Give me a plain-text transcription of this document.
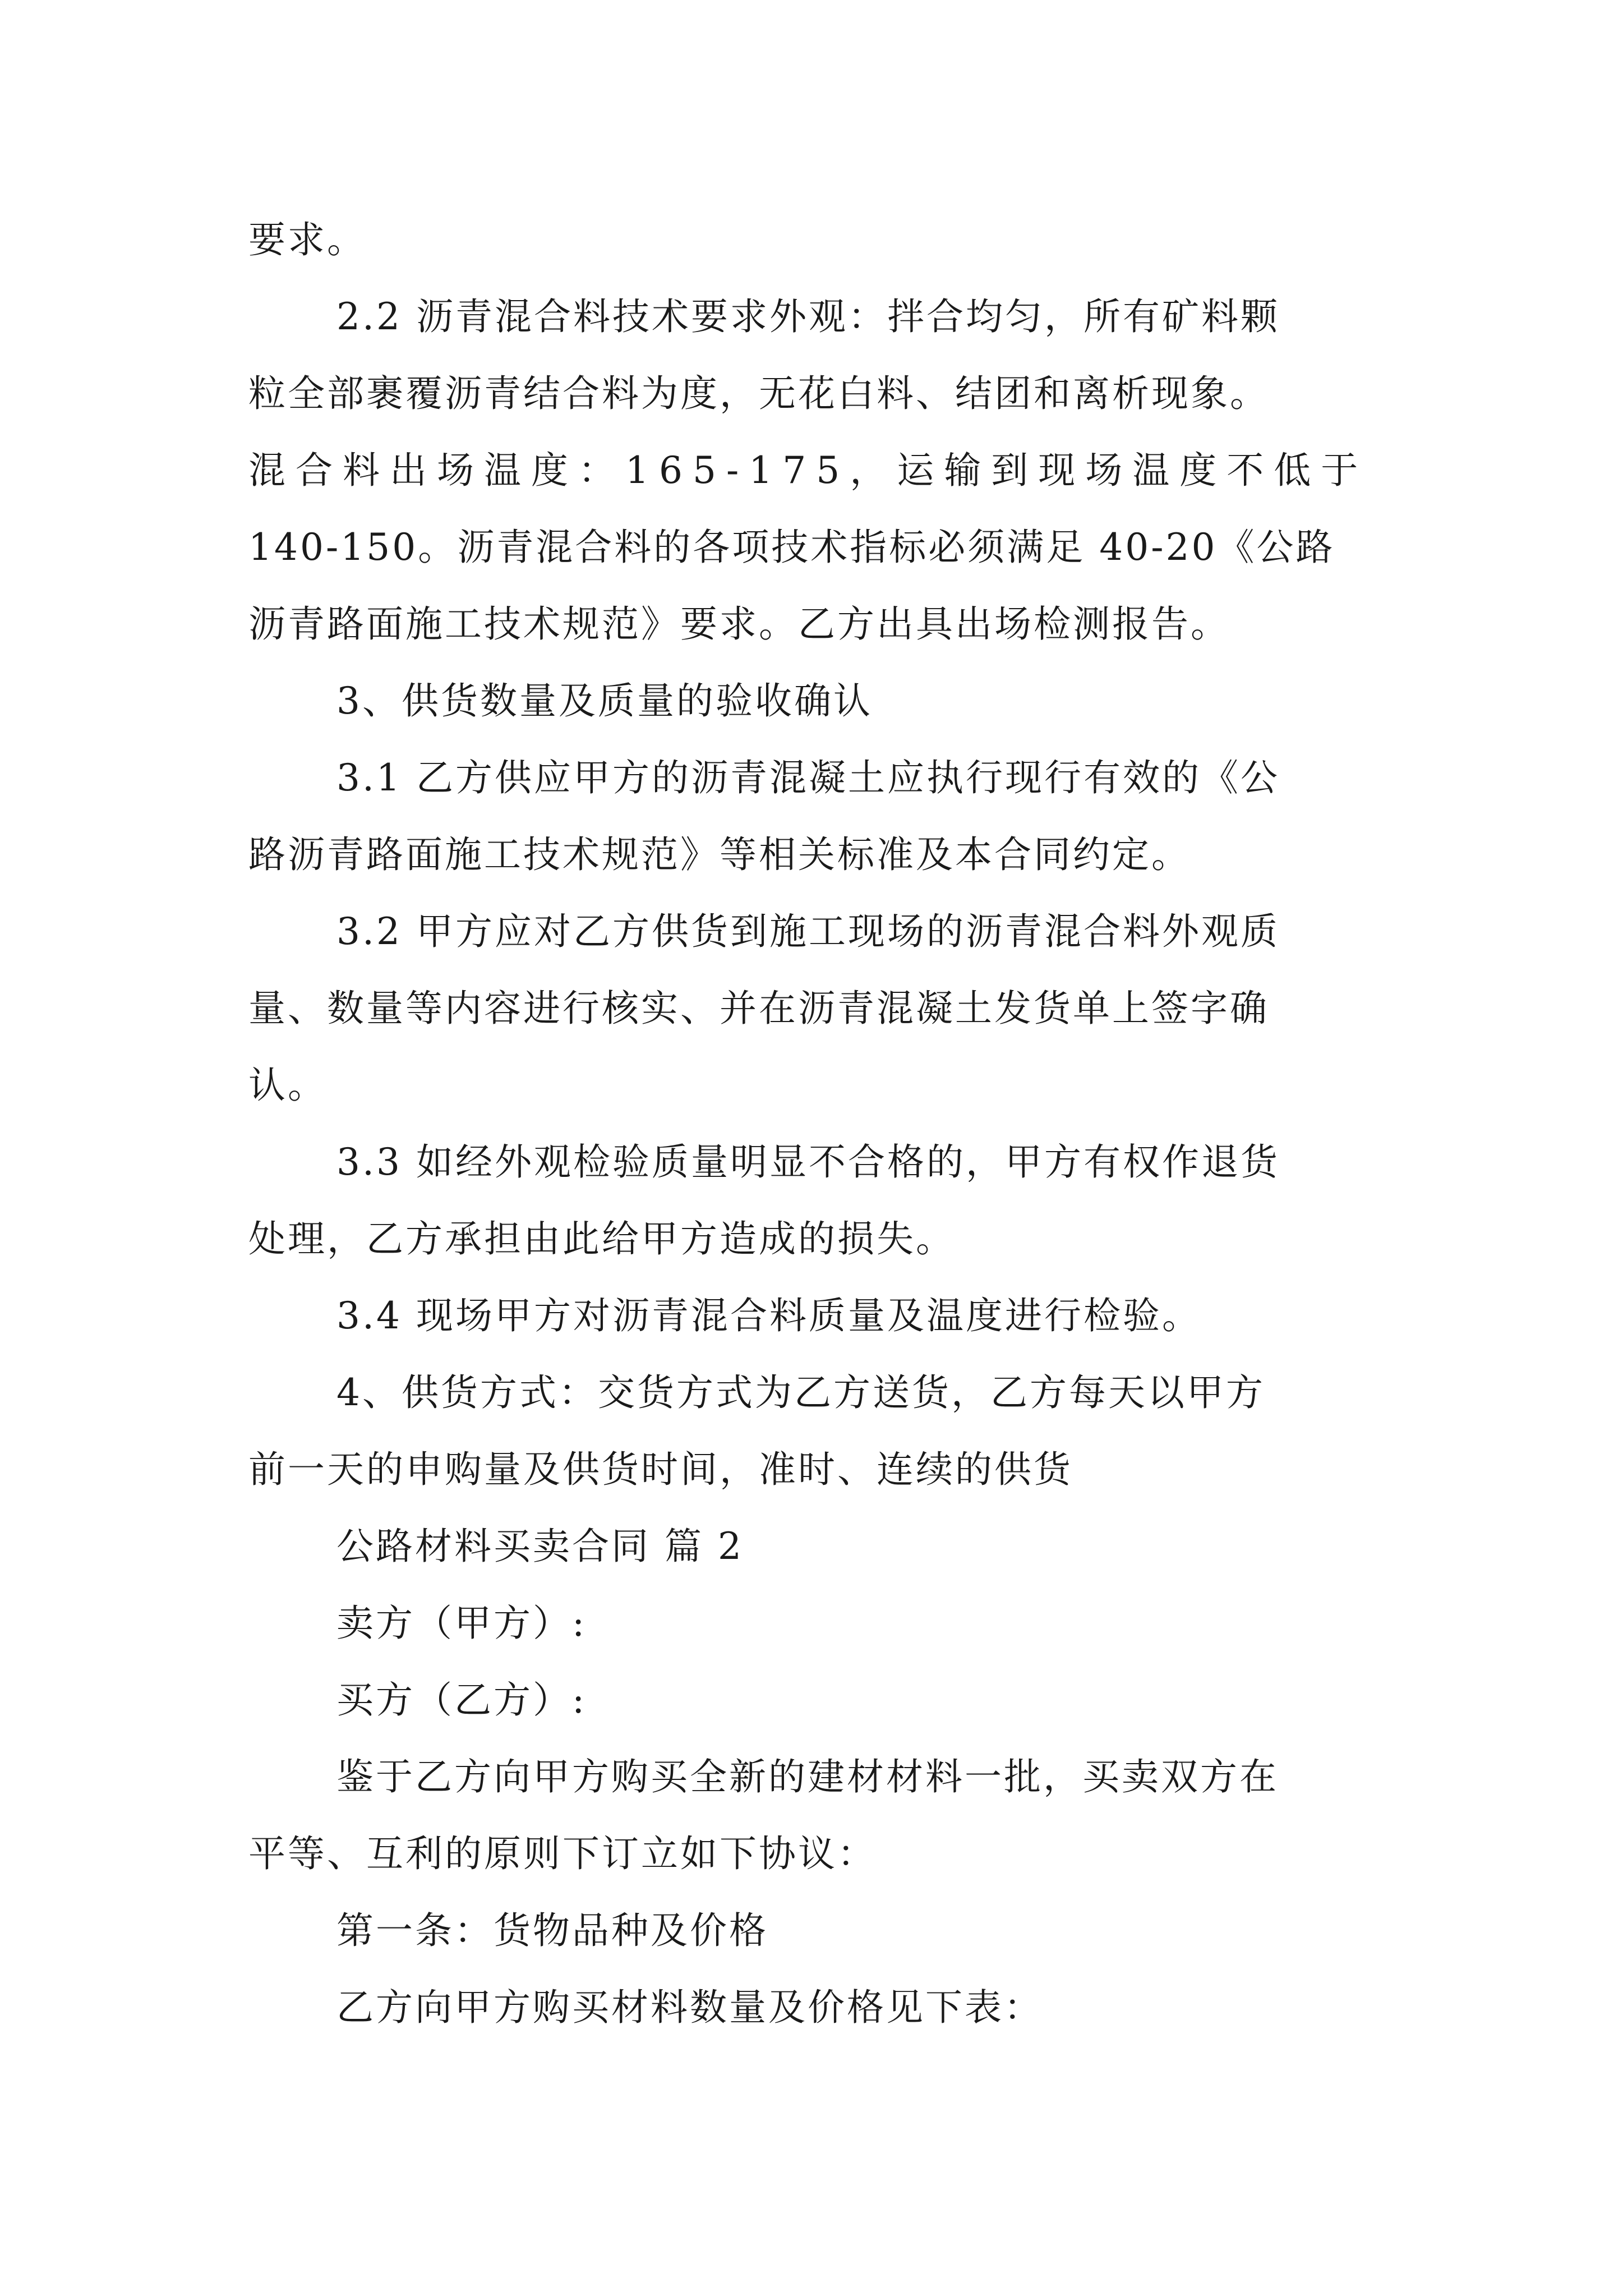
要求。
2.2 沥青混合料技术要求外观：拌合均匀，所有矿料颗
粒全部裹覆沥青结合料为度，无花白料、结团和离析现象。
混合料出场温度：165-175，运输到现场温度不低于
140-150。沥青混合料的各项技术指标必须满足 40-20《公路
沥青路面施工技术规范》要求。乙方出具出场检测报告。
3、供货数量及质量的验收确认
3.1 乙方供应甲方的沥青混凝土应执行现行有效的《公
路沥青路面施工技术规范》等相关标准及本合同约定。
3.2 甲方应对乙方供货到施工现场的沥青混合料外观质
量、数量等内容进行核实、并在沥青混凝土发货单上签字确
认。
3.3 如经外观检验质量明显不合格的，甲方有权作退货
处理，乙方承担由此给甲方造成的损失。
3.4 现场甲方对沥青混合料质量及温度进行检验。
4、供货方式：交货方式为乙方送货，乙方每天以甲方
前一天的申购量及供货时间，准时、连续的供货
公路材料买卖合同 篇 2
卖方（甲方）:
买方（乙方）:
鉴于乙方向甲方购买全新的建材材料一批，买卖双方在
平等、互利的原则下订立如下协议：
第一条：货物品种及价格
乙方向甲方购买材料数量及价格见下表：
